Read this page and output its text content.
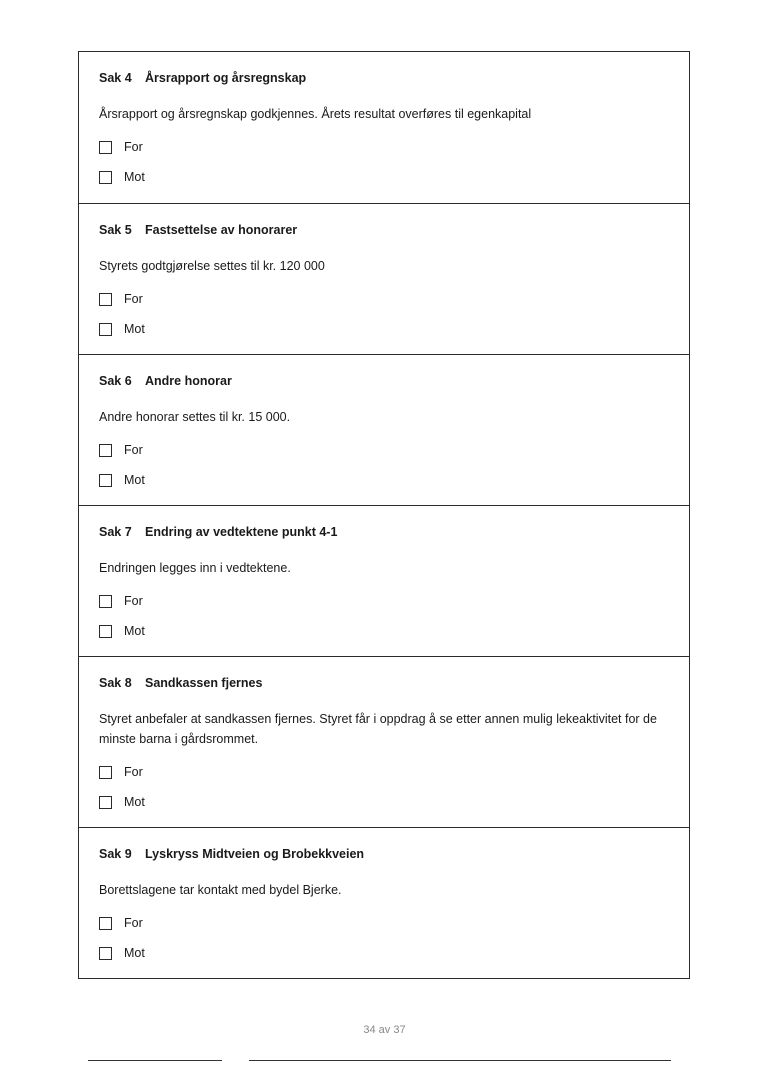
Sak 4 Årsrapport og årsregnskap
Årsrapport og årsregnskap godkjennes. Årets resultat overføres til egenkapital
For
Mot
Sak 5 Fastsettelse av honorarer
Styrets godtgjørelse settes til kr. 120 000
For
Mot
Sak 6 Andre honorar
Andre honorar settes til kr. 15 000.
For
Mot
Sak 7 Endring av vedtektene punkt 4-1
Endringen legges inn i vedtektene.
For
Mot
Sak 8 Sandkassen fjernes
Styret anbefaler at sandkassen fjernes. Styret får i oppdrag å se etter annen mulig lekeaktivitet for de minste barna i gårdsrommet.
For
Mot
Sak 9 Lyskryss Midtveien og Brobekkveien
Borettslagene tar kontakt med bydel Bjerke.
For
Mot
34 av 37
